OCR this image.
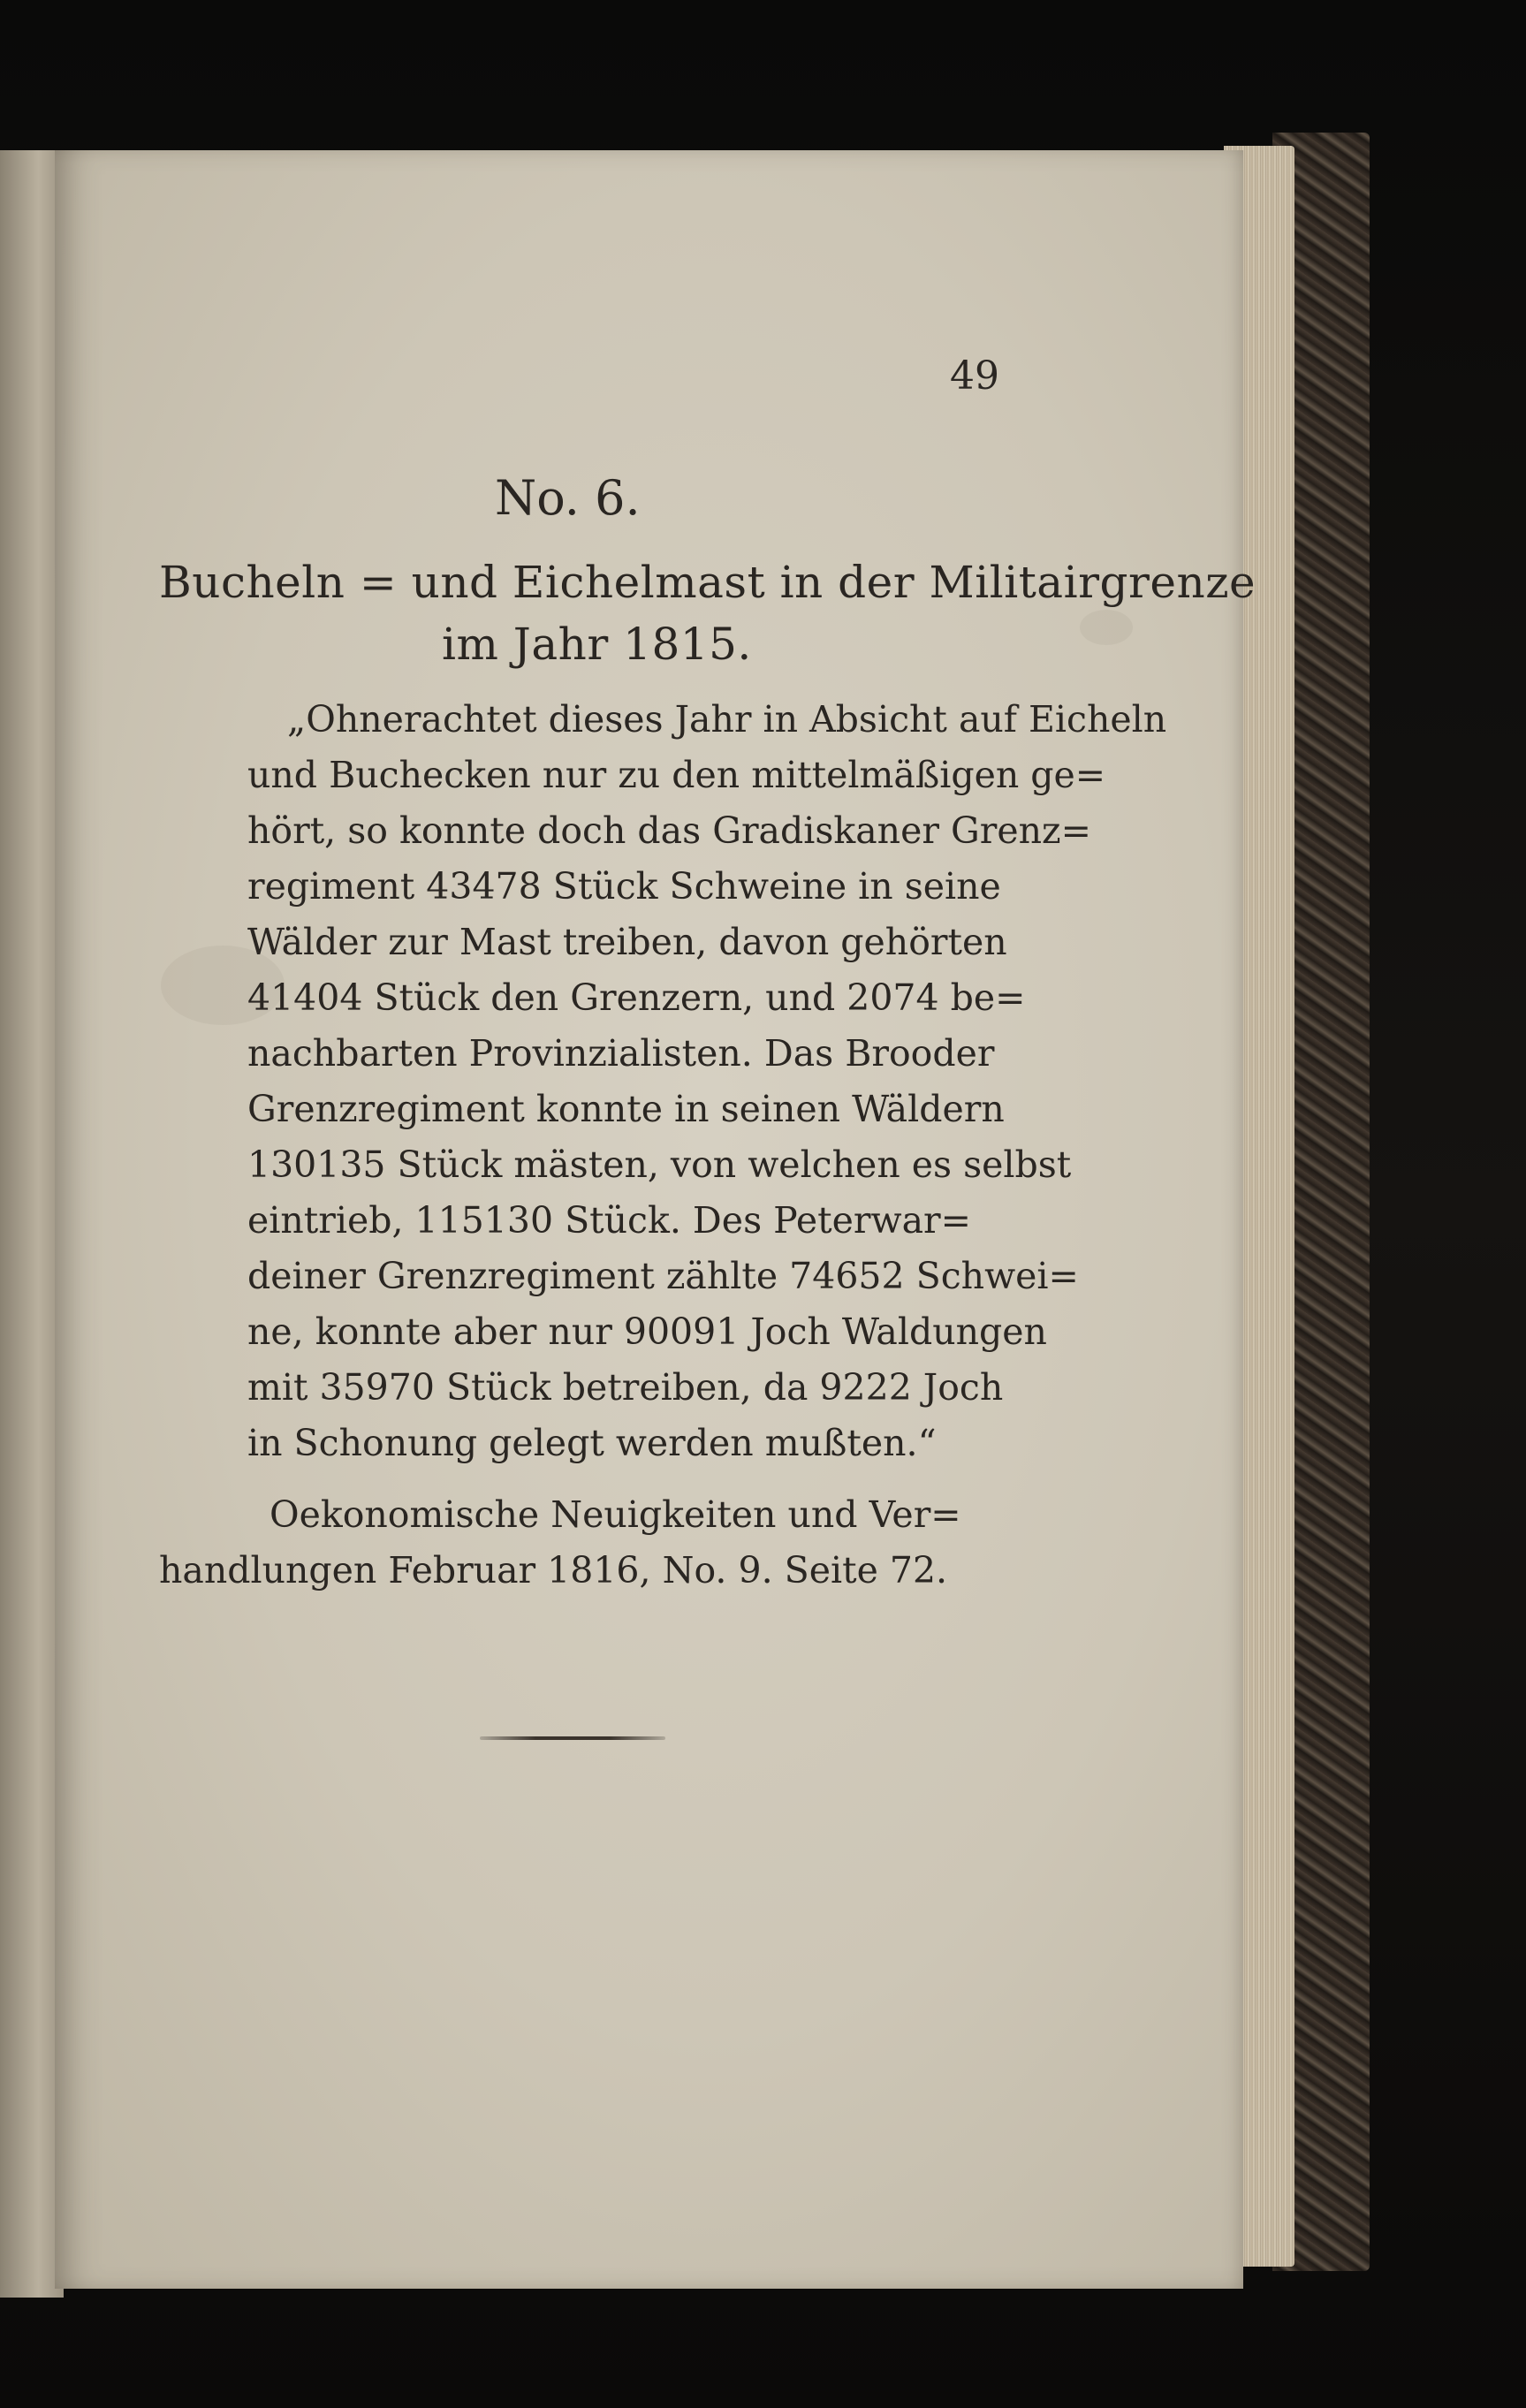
49
No. 6.
Bucheln = und Eichelmast in der Militairgrenze
im Jahr 1815.
„Ohnerachtet dieses Jahr in Absicht auf Eicheln
und Buchecken nur zu den mittelmäßigen ge=
hört, so konnte doch das Gradiskaner Grenz=
regiment 43478 Stück Schweine in seine
Wälder zur Mast treiben, davon gehörten
41404 Stück den Grenzern, und 2074 be=
nachbarten Provinzialisten. Das Brooder
Grenzregiment konnte in seinen Wäldern
130135 Stück mästen, von welchen es selbst
eintrieb, 115130 Stück. Des Peterwar=
deiner Grenzregiment zählte 74652 Schwei=
ne, konnte aber nur 90091 Joch Waldungen
mit 35970 Stück betreiben, da 9222 Joch
in Schonung gelegt werden mußten.“
Oekonomische Neuigkeiten und Ver=
handlungen Februar 1816, No. 9. Seite 72.
